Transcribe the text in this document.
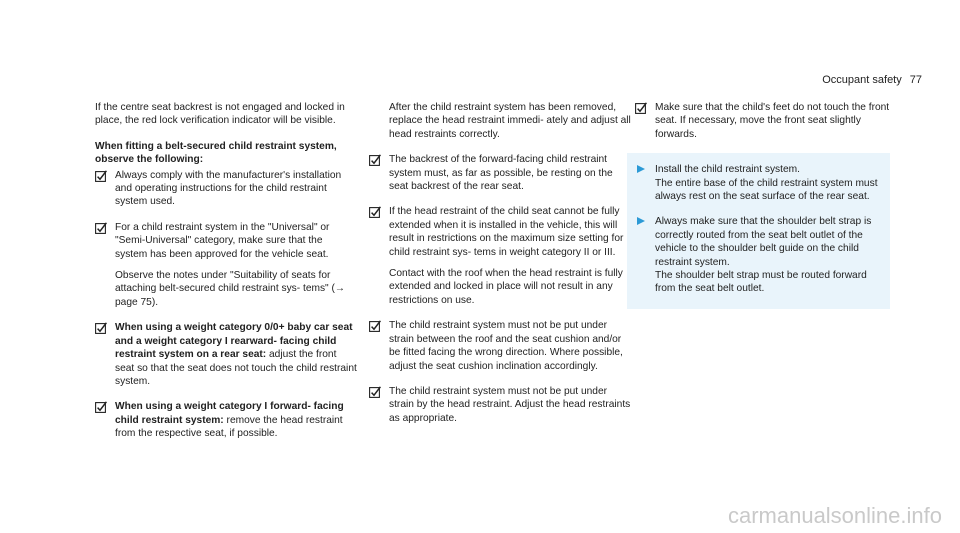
Occupant safety 77

If the centre seat backrest is not engaged and locked in place, the red lock verification indicator will be visible.

When fitting a belt-secured child restraint system, observe the following:

Always comply with the manufacturer's installation and operating instructions for the child restraint system used.

For a child restraint system in the "Universal" or "Semi-Universal" category, make sure that the system has been approved for the vehicle seat.

Observe the notes under "Suitability of seats for attaching belt-secured child restraint sys- tems" (→ page 75).

When using a weight category 0/0+ baby car seat and a weight category I rearward- facing child restraint system on a rear seat: adjust the front seat so that the seat does not touch the child restraint system.

When using a weight category I forward- facing child restraint system: remove the head restraint from the respective seat, if possible.

After the child restraint system has been removed, replace the head restraint immedi- ately and adjust all head restraints correctly.

The backrest of the forward-facing child restraint system must, as far as possible, be resting on the seat backrest of the rear seat.

If the head restraint of the child seat cannot be fully extended when it is installed in the vehicle, this will result in restrictions on the maximum size setting for child restraint sys- tems in weight category II or III.

Contact with the roof when the head restraint is fully extended and locked in place will not result in any restrictions on use.

The child restraint system must not be put under strain between the roof and the seat cushion and/or be fitted facing the wrong direction. Where possible, adjust the seat cushion inclination accordingly.

The child restraint system must not be put under strain by the head restraint. Adjust the head restraints as appropriate.

Make sure that the child's feet do not touch the front seat. If necessary, move the front seat slightly forwards.

Install the child restraint system.

The entire base of the child restraint system must always rest on the seat surface of the rear seat.

Always make sure that the shoulder belt strap is correctly routed from the seat belt outlet of the vehicle to the shoulder belt guide on the child restraint system.

The shoulder belt strap must be routed forward from the seat belt outlet.

carmanualsonline.info
